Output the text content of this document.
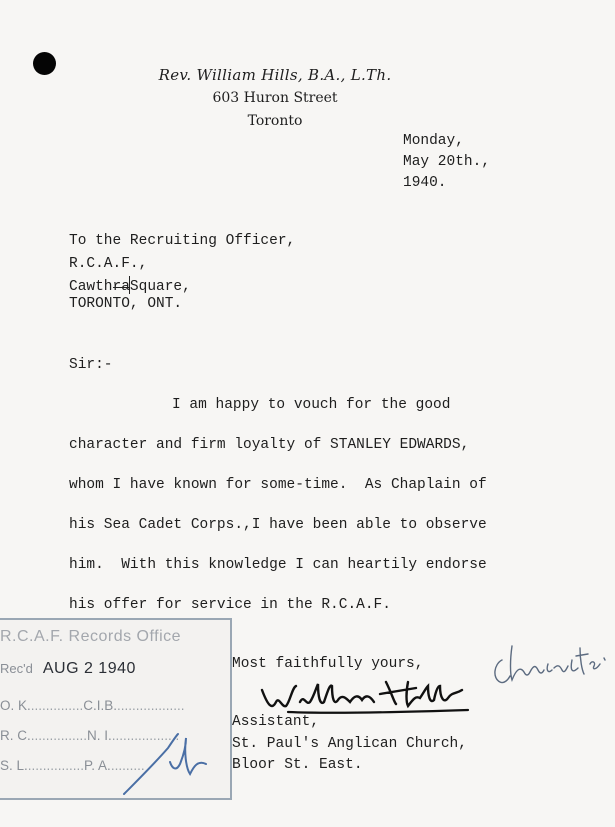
Rev. William Hills, B.A., L.Th.
603 Huron Street
Toronto
Monday,
May 20th.,
1940.
To the Recruiting Officer,
R.C.A.F.,
CawthraSquare,
TORONTO, ONT.
Sir:-
I am happy to vouch for the good
character and firm loyalty of STANLEY EDWARDS,
whom I have known for some-time.  As Chaplain of
his Sea Cadet Corps.,I have been able to observe
him.  With this knowledge I can heartily endorse
his offer for service in the R.C.A.F.
Most faithfully yours,
Assistant,
St. Paul's Anglican Church,
Bloor St. East.
R.C.A.F. Records Office
Rec'd AUG 2 1940
O. K...............C.I.B...................
R. C................N. I...................
S. L................P. A..........
